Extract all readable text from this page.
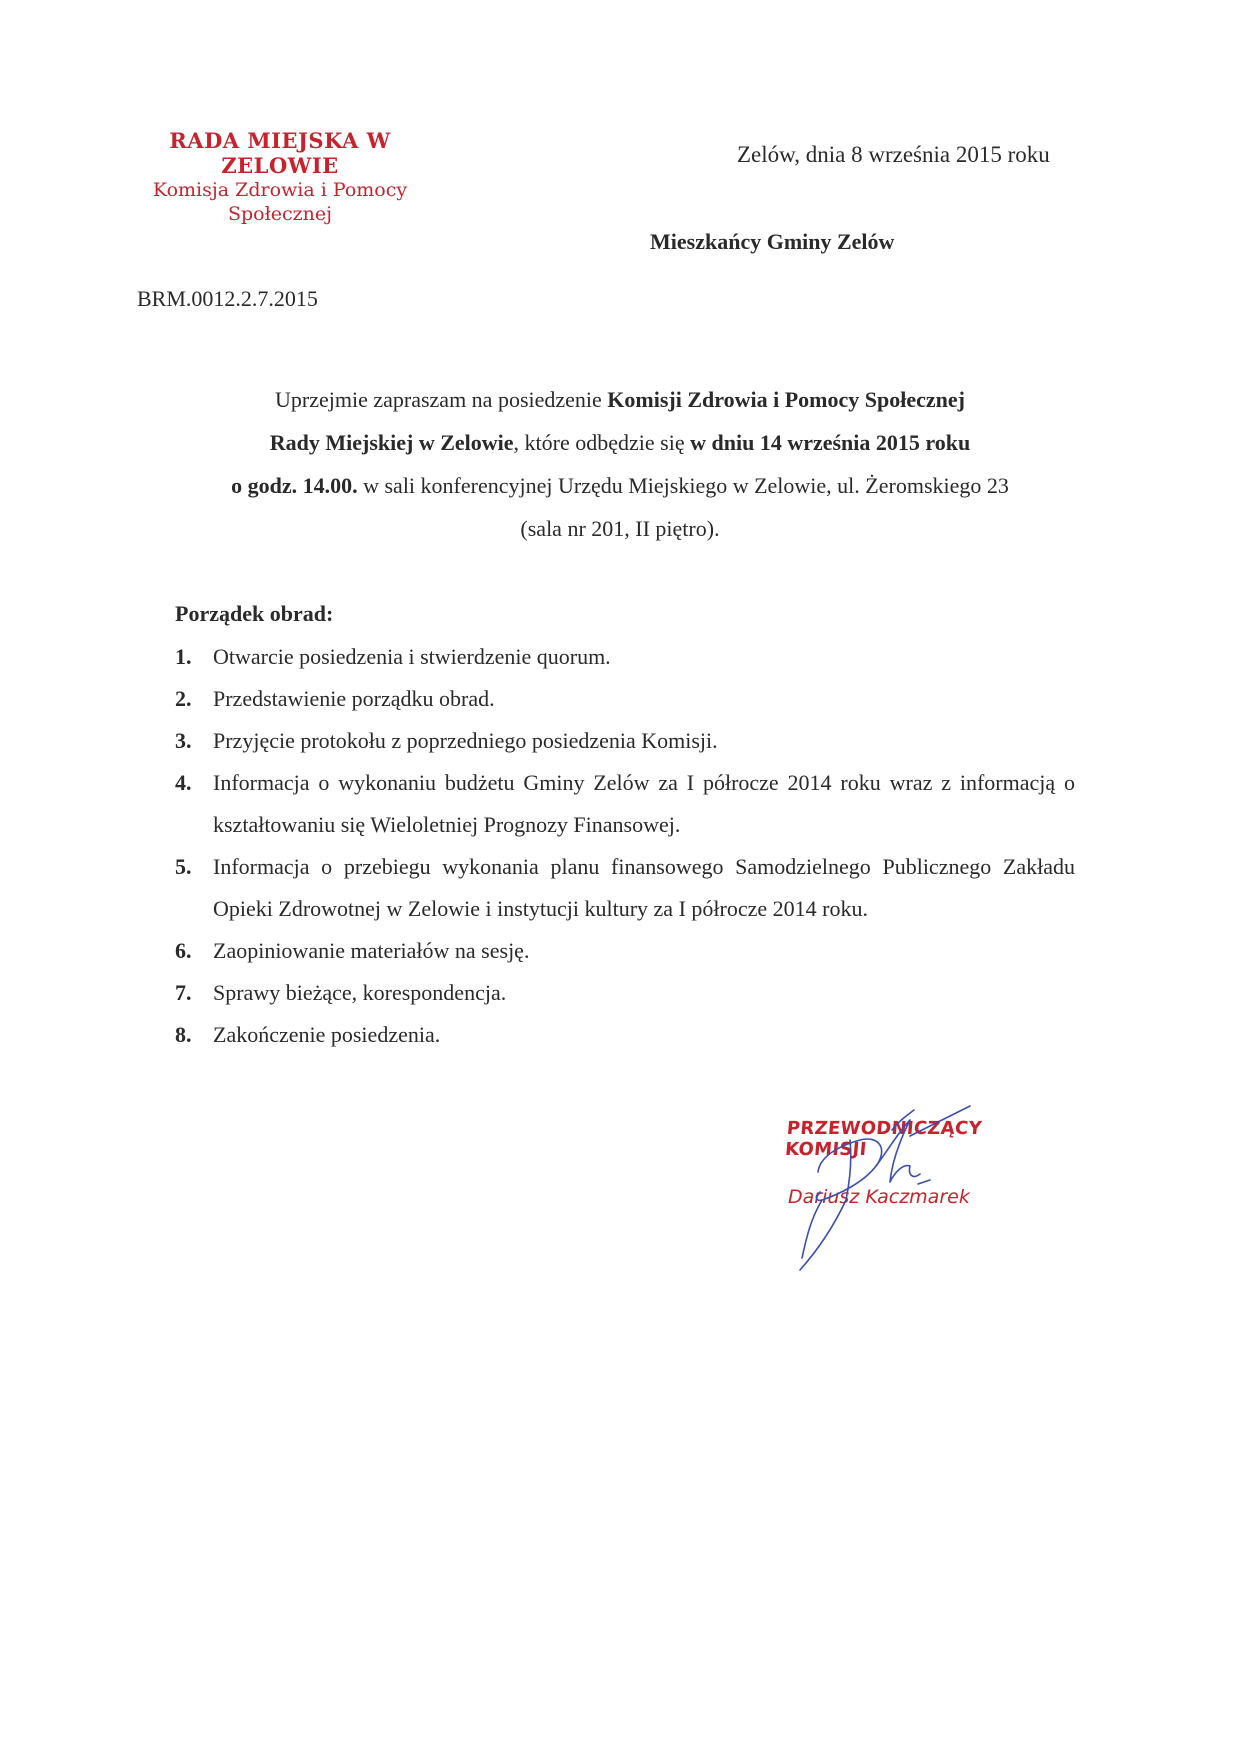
RADA MIEJSKA W ZELOWIE
Komisja Zdrowia i Pomocy
Społecznej
Zelów, dnia 8 września 2015 roku
Mieszkańcy Gminy Zelów
BRM.0012.2.7.2015
Uprzejmie zapraszam na posiedzenie Komisji Zdrowia i Pomocy Społecznej
Rady Miejskiej w Zelowie, które odbędzie się w dniu 14 września 2015 roku
o godz. 14.00. w sali konferencyjnej Urzędu Miejskiego w Zelowie, ul. Żeromskiego 23
(sala nr 201, II piętro).
Porządek obrad:
1. Otwarcie posiedzenia i stwierdzenie quorum.
2. Przedstawienie porządku obrad.
3. Przyjęcie protokołu z poprzedniego posiedzenia Komisji.
4. Informacja o wykonaniu budżetu Gminy Zelów za I półrocze 2014 roku wraz z informacją o kształtowaniu się Wieloletniej Prognozy Finansowej.
5. Informacja o przebiegu wykonania planu finansowego Samodzielnego Publicznego Zakładu Opieki Zdrowotnej w Zelowie i instytucji kultury za I półrocze 2014 roku.
6. Zaopiniowanie materiałów na sesję.
7. Sprawy bieżące, korespondencja.
8. Zakończenie posiedzenia.
PRZEWODNICZĄCY KOMISJI
Dariusz Kaczmarek
